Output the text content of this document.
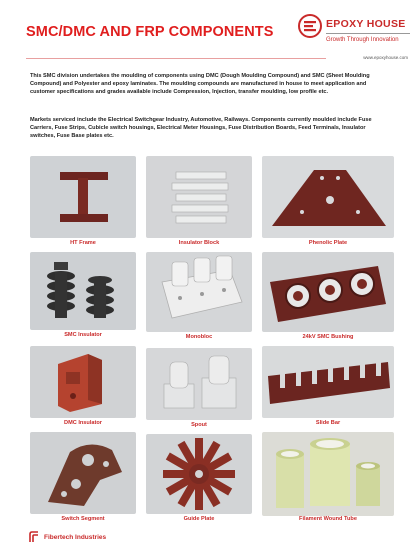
SMC/DMC AND FRP COMPONENTS	EPOXY HOUSE
Growth Through Innovation
www.epoxyhouse.com

This SMC division undertakes the moulding of components using DMC (Dough Moulding Compound) and SMC (Sheet Moulding Compound) and Polyester and epoxy laminates. The moulding compounds are manufactured in house to meet application and customer specifications and grades available include Compression, Injection, transfer moulding, low profile etc.

Markets serviced include the Electrical Switchgear Industry, Automotive, Railways. Components currently moulded include Fuse Carriers, Fuse Strips, Cubicle switch housings, Electrical Meter Housings, Fuse Distribution Boards, Feed Terminals, Insulator switches, Fuse Base plates etc.

HT Frame	Insulator Block	Phenolic Plate
SMC Insulator	Monobloc	24kV SMC Bushing
DMC Insulator	Spout	Slide Bar
Switch Segment	Guide Plate	Filament Wound Tube
Fibertech Industries
